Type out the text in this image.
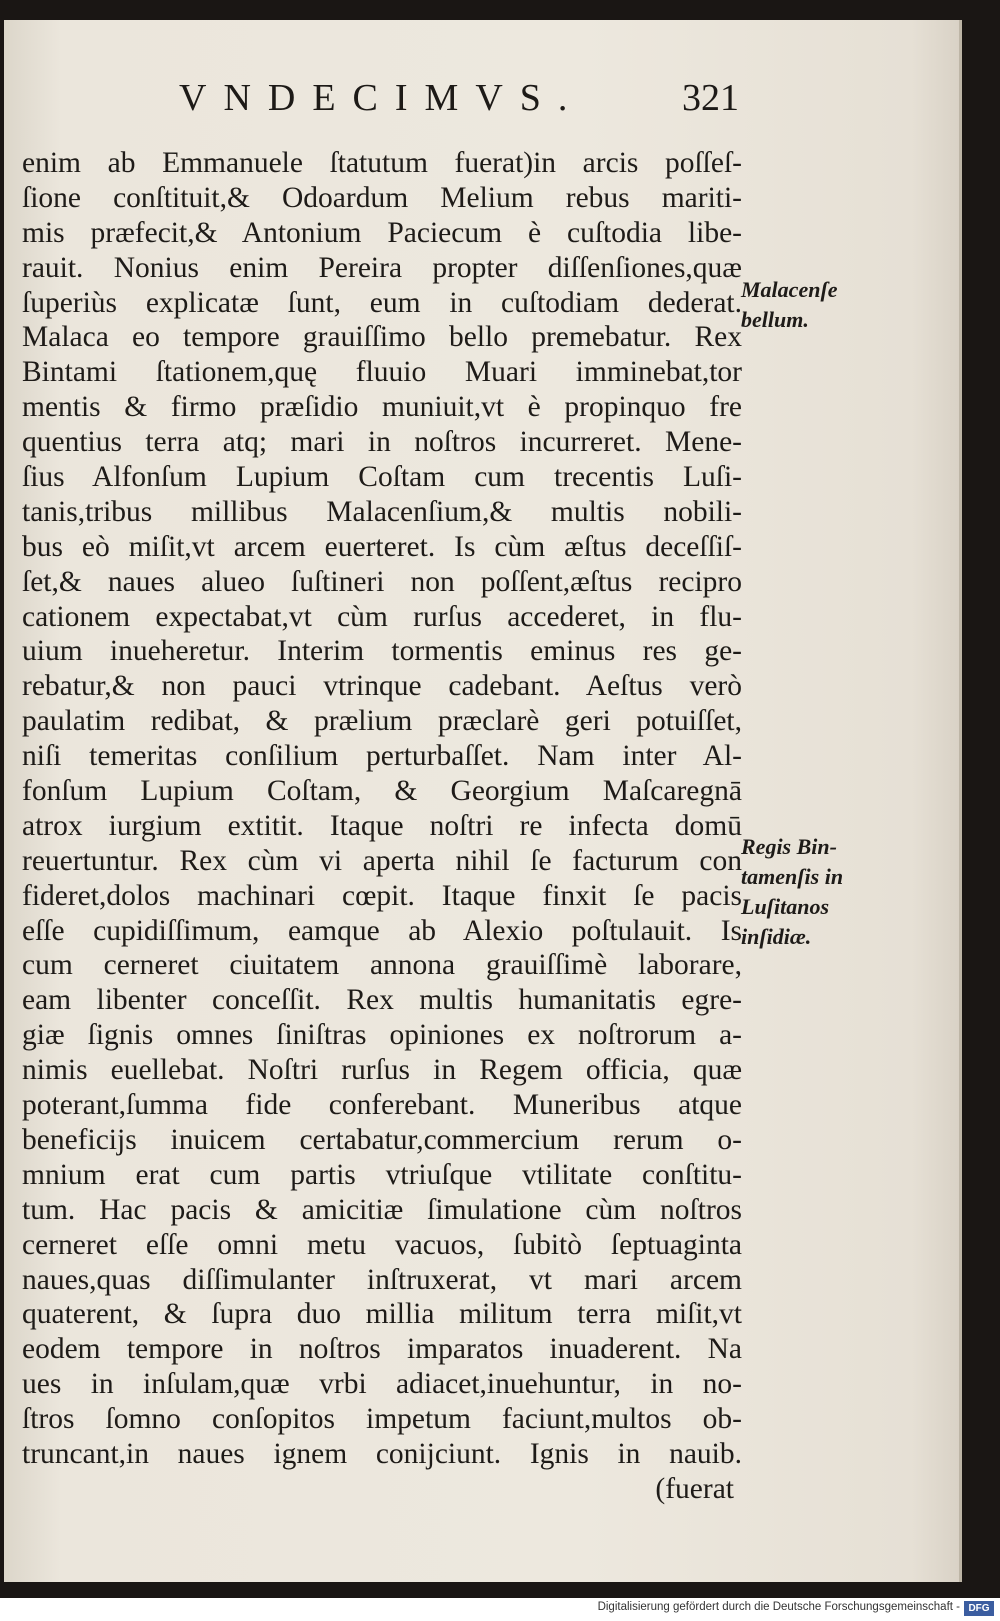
VNDECIMVS.	321
enim ab Emmanuele ſtatutum fuerat)in arcis poſſeſ-
ſione conſtituit,& Odoardum Melium rebus mariti-
mis præfecit,& Antonium Paciecum è cuſtodia libe-
rauit. Nonius enim Pereira propter diſſenſiones,quæ
ſuperiùs explicatæ ſunt, eum in cuſtodiam dederat.
Malaca eo tempore grauiſſimo bello premebatur. Rex
Bintami ſtationem,quę fluuio Muari imminebat,tor
mentis & firmo præſidio muniuit,vt è propinquo fre
quentius terra atq; mari in noſtros incurreret. Mene-
ſius Alfonſum Lupium Coſtam cum trecentis Luſi-
tanis,tribus millibus Malacenſium,& multis nobili-
bus eò miſit,vt arcem euerteret. Is cùm æſtus deceſſiſ-
ſet,& naues alueo ſuſtineri non poſſent,æſtus recipro
cationem expectabat,vt cùm rurſus accederet, in flu-
uium inueheretur. Interim tormentis eminus res ge-
rebatur,& non pauci vtrinque cadebant. Aeſtus verò
paulatim redibat, & prælium præclarè geri potuiſſet,
niſi temeritas conſilium perturbaſſet. Nam inter Al-
fonſum Lupium Coſtam, & Georgium Maſcaregnā
atrox iurgium extitit. Itaque noſtri re infecta domū
reuertuntur. Rex cùm vi aperta nihil ſe facturum con
fideret,dolos machinari cœpit. Itaque finxit ſe pacis
eſſe cupidiſſimum, eamque ab Alexio poſtulauit. Is
cum cerneret ciuitatem annona grauiſſimè laborare,
eam libenter conceſſit. Rex multis humanitatis egre-
giæ ſignis omnes ſiniſtras opiniones ex noſtrorum a-
nimis euellebat. Noſtri rurſus in Regem officia, quæ
poterant,ſumma fide conferebant. Muneribus atque
beneficijs inuicem certabatur,commercium rerum o-
mnium erat cum partis vtriuſque vtilitate conſtitu-
tum. Hac pacis & amicitiæ ſimulatione cùm noſtros
cerneret eſſe omni metu vacuos, ſubitò ſeptuaginta
naues,quas diſſimulanter inſtruxerat, vt mari arcem
quaterent, & ſupra duo millia militum terra miſit,vt
eodem tempore in noſtros imparatos inuaderent. Na
ues in inſulam,quæ vrbi adiacet,inuehuntur, in no-
ſtros ſomno conſopitos impetum faciunt,multos ob-
truncant,in naues ignem conijciunt. Ignis in nauib.
(fuerat
Malacenſe
bellum.
Regis Bin-
tamenſis in
Luſitanos
inſidiæ.
Digitalisierung gefördert durch die Deutsche Forschungsgemeinschaft - DFG
